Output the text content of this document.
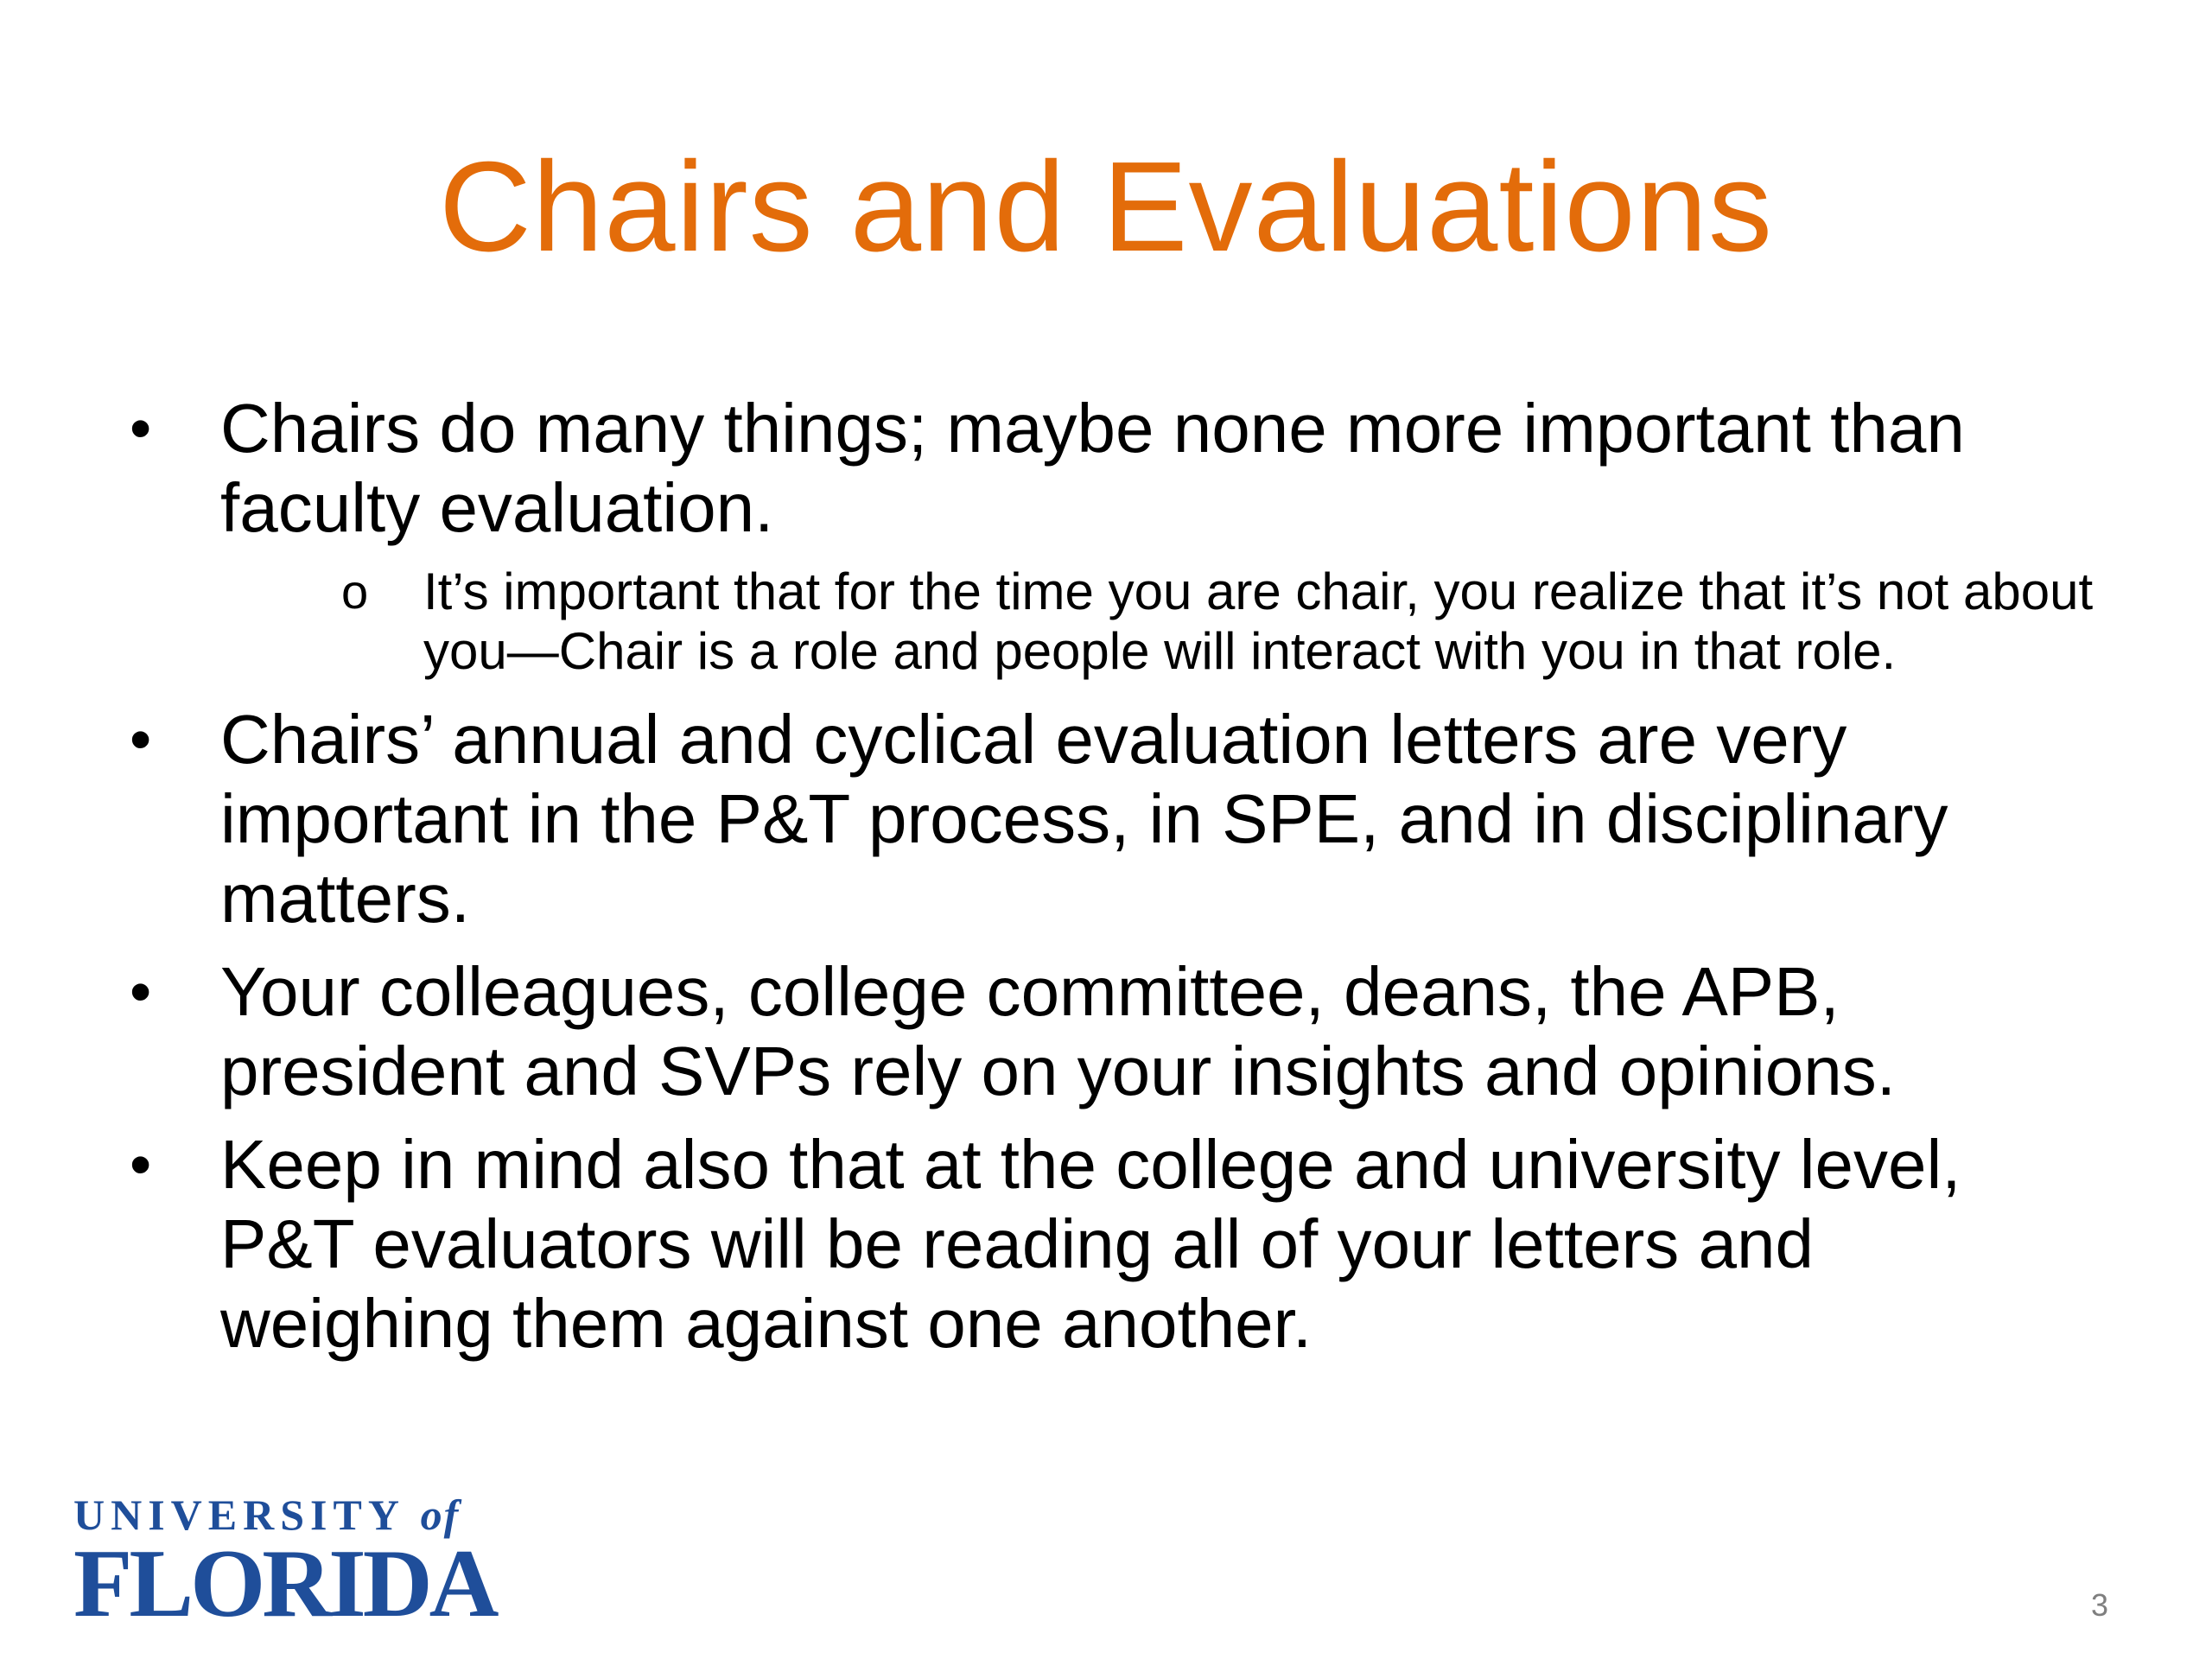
Chairs and Evaluations
• Chairs do many things; maybe none more important than faculty evaluation.
o	It’s important that for the time you are chair, you realize that it’s not about you—Chair is a role and people will interact with you in that role.
• Chairs’ annual and cyclical evaluation letters are very important in the P&T process, in SPE, and in disciplinary matters.
• Your colleagues, college committee, deans, the APB, president and SVPs rely on your insights and opinions.
• Keep in mind also that at the college and university level, P&T evaluators will be reading all of your letters and weighing them against one another.
UNIVERSITY of
FLORIDA	3
